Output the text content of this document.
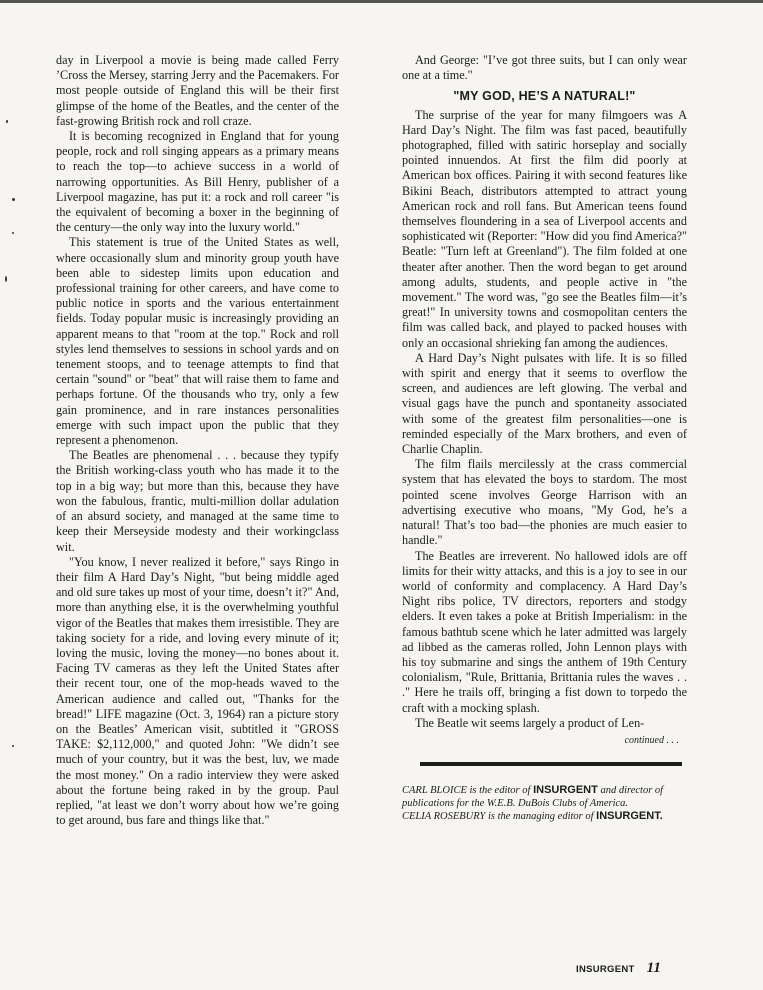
day in Liverpool a movie is being made called Ferry ’Cross the Mersey, starring Jerry and the Pacemakers. For most people outside of England this will be their first glimpse of the home of the Beatles, and the center of the fast-growing British rock and roll craze.

It is becoming recognized in England that for young people, rock and roll singing appears as a primary means to reach the top—to achieve success in a world of narrowing opportunities. As Bill Henry, publisher of a Liverpool magazine, has put it: a rock and roll career "is the equivalent of becoming a boxer in the beginning of the century—the only way into the luxury world."

This statement is true of the United States as well, where occasionally slum and minority group youth have been able to sidestep limits upon education and professional training for other careers, and have come to public notice in sports and the various entertainment fields. Today popular music is increasingly providing an apparent means to that "room at the top." Rock and roll styles lend themselves to sessions in school yards and on tenement stoops, and to teenage attempts to find that certain "sound" or "beat" that will raise them to fame and perhaps fortune. Of the thousands who try, only a few gain prominence, and in rare instances personalities emerge with such impact upon the public that they represent a phenomenon.

The Beatles are phenomenal . . . because they typify the British working-class youth who has made it to the top in a big way; but more than this, because they have won the fabulous, frantic, multi-million dollar adulation of an absurd society, and managed at the same time to keep their Merseyside modesty and their workingclass wit.

"You know, I never realized it before," says Ringo in their film A Hard Day’s Night, "but being middle aged and old sure takes up most of your time, doesn’t it?" And, more than anything else, it is the overwhelming youthful vigor of the Beatles that makes them irresistible. They are taking society for a ride, and loving every minute of it; loving the music, loving the money—no bones about it. Facing TV cameras as they left the United States after their recent tour, one of the mop-heads waved to the American audience and called out, "Thanks for the bread!" LIFE magazine (Oct. 3, 1964) ran a picture story on the Beatles’ American visit, subtitled it "GROSS TAKE: $2,112,000," and quoted John: "We didn’t see much of your country, but it was the best, luv, we made the most money." On a radio interview they were asked about the fortune being raked in by the group. Paul replied, "at least we don’t worry about how we’re going to get around, bus fare and things like that."

And George: "I’ve got three suits, but I can only wear one at a time."

"MY GOD, HE’S A NATURAL!"

The surprise of the year for many filmgoers was A Hard Day’s Night. The film was fast paced, beautifully photographed, filled with satiric horseplay and socially pointed innuendos. At first the film did poorly at American box offices. Pairing it with second features like Bikini Beach, distributors attempted to attract young American rock and roll fans. But American teens found themselves floundering in a sea of Liverpool accents and sophisticated wit (Reporter: "How did you find America?" Beatle: "Turn left at Greenland"). The film folded at one theater after another. Then the word began to get around among adults, students, and people active in "the movement." The word was, "go see the Beatles film—it’s great!" In university towns and cosmopolitan centers the film was called back, and played to packed houses with only an occasional shrieking fan among the audiences.

A Hard Day’s Night pulsates with life. It is so filled with spirit and energy that it seems to overflow the screen, and audiences are left glowing. The verbal and visual gags have the punch and spontaneity associated with some of the greatest film personalities—one is reminded especially of the Marx brothers, and even of Charlie Chaplin.

The film flails mercilessly at the crass commercial system that has elevated the boys to stardom. The most pointed scene involves George Harrison with an advertising executive who moans, "My God, he’s a natural! That’s too bad—the phonies are much easier to handle."

The Beatles are irreverent. No hallowed idols are off limits for their witty attacks, and this is a joy to see in our world of conformity and complacency. A Hard Day’s Night ribs police, TV directors, reporters and stodgy elders. It even takes a poke at British Imperialism: in the famous bathtub scene which he later admitted was largely ad libbed as the cameras rolled, John Lennon plays with his toy submarine and sings the anthem of 19th Century colonialism, "Rule, Brittania, Brittania rules the waves . . ." Here he trails off, bringing a fist down to torpedo the craft with a mocking splash.

The Beatle wit seems largely a product of Len-

continued . . .

CARL BLOICE is the editor of INSURGENT and director of publications for the W.E.B. DuBois Clubs of America.

CELIA ROSEBURY is the managing editor of INSURGENT.

INSURGENT 11
